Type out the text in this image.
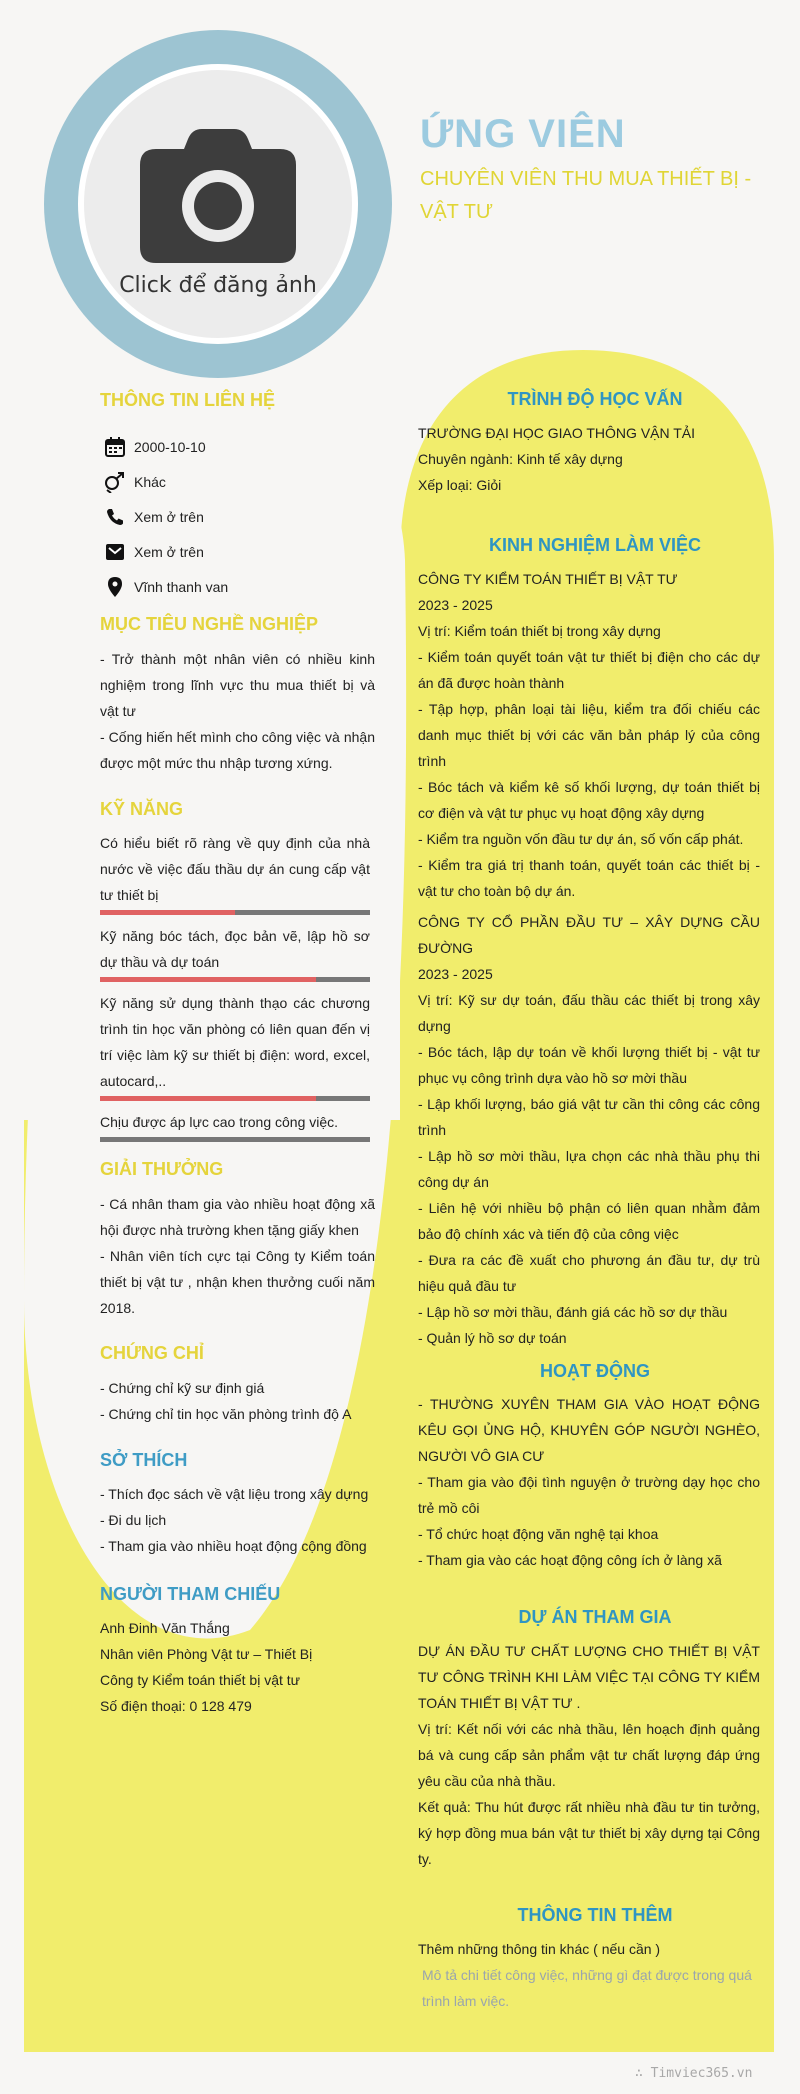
Click để đăng ảnh
ỨNG VIÊN
CHUYÊN VIÊN THU MUA THIẾT BỊ - VẬT TƯ
THÔNG TIN LIÊN HỆ
2000-10-10
Khác
Xem ở trên
Xem ở trên
Vĩnh thanh van
MỤC TIÊU NGHỀ NGHIỆP

- Trở thành một nhân viên có nhiều kinh nghiệm trong lĩnh vực thu mua thiết bị và vật tư

- Cống hiến hết mình cho công việc và nhận được một mức thu nhập tương xứng.

KỸ NĂNG

Có hiểu biết rõ ràng về quy định của nhà nước về việc đấu thầu dự án cung cấp vật tư thiết bị

Kỹ năng bóc tách, đọc bản vẽ, lập hồ sơ dự thầu và dự toán

Kỹ năng sử dụng thành thạo các chương trình tin học văn phòng có liên quan đến vị trí việc làm kỹ sư thiết bị điện: word, excel, autocard,..

Chịu được áp lực cao trong công việc.

GIẢI THƯỞNG

- Cá nhân tham gia vào nhiều hoạt động xã hội được nhà trường khen tặng giấy khen

- Nhân viên tích cực tại Công ty Kiểm toán thiết bị vật tư , nhận khen thưởng cuối năm 2018.

CHỨNG CHỈ

- Chứng chỉ kỹ sư định giá

- Chứng chỉ tin học văn phòng trình độ A

SỞ THÍCH

- Thích đọc sách về vật liệu trong xây dựng

- Đi du lịch

- Tham gia vào nhiều hoạt động cộng đồng

NGƯỜI THAM CHIẾU

Anh Đinh Văn Thắng

Nhân viên Phòng Vật tư – Thiết Bị

Công ty Kiểm toán thiết bị vật tư

Số điện thoại: 0 128 479

TRÌNH ĐỘ HỌC VẤN

TRƯỜNG ĐẠI HỌC GIAO THÔNG VẬN TẢI

Chuyên ngành: Kinh tế xây dựng

Xếp loại: Giỏi

KINH NGHIỆM LÀM VIỆC

CÔNG TY KIỂM TOÁN THIẾT BỊ VẬT TƯ

2023 - 2025

Vị trí: Kiểm toán thiết bị trong xây dựng

- Kiểm toán quyết toán vật tư thiết bị điện cho các dự án đã được hoàn thành

- Tập hợp, phân loại tài liệu, kiểm tra đối chiếu các danh mục thiết bị với các văn bản pháp lý của công trình

- Bóc tách và kiểm kê số khối lượng, dự toán thiết bị cơ điện và vật tư phục vụ hoạt động xây dựng

- Kiểm tra nguồn vốn đầu tư dự án, số vốn cấp phát.

- Kiểm tra giá trị thanh toán, quyết toán các thiết bị - vật tư cho toàn bộ dự án.

CÔNG TY CỔ PHẦN ĐẦU TƯ – XÂY DỰNG CẦU ĐƯỜNG

2023 - 2025

Vị trí: Kỹ sư dự toán, đấu thầu các thiết bị trong xây dựng

- Bóc tách, lập dự toán về khối lượng thiết bị - vật tư phục vụ công trình dựa vào hồ sơ mời thầu

- Lập khối lượng, báo giá vật tư cần thi công các công trình

- Lập hồ sơ mời thầu, lựa chọn các nhà thầu phụ thi công dự án

- Liên hệ với nhiều bộ phận có liên quan nhằm đảm bảo độ chính xác và tiến độ của công việc

- Đưa ra các đề xuất cho phương án đầu tư, dự trù hiệu quả đầu tư

- Lập hồ sơ mời thầu, đánh giá các hồ sơ dự thầu

- Quản lý hồ sơ dự toán

HOẠT ĐỘNG

- THƯỜNG XUYÊN THAM GIA VÀO HOẠT ĐỘNG KÊU GỌI ỦNG HỘ, KHUYÊN GÓP NGƯỜI NGHÈO, NGƯỜI VÔ GIA CƯ

- Tham gia vào đội tình nguyện ở trường dạy học cho trẻ mồ côi

- Tổ chức hoạt động văn nghệ tại khoa

- Tham gia vào các hoạt động công ích ở làng xã

DỰ ÁN THAM GIA

DỰ ÁN ĐẦU TƯ CHẤT LƯỢNG CHO THIẾT BỊ VẬT TƯ CÔNG TRÌNH KHI LÀM VIỆC TẠI CÔNG TY KIỂM TOÁN THIẾT BỊ VẬT TƯ .

Vị trí: Kết nối với các nhà thầu, lên hoạch định quảng bá và cung cấp sản phẩm vật tư chất lượng đáp ứng yêu cầu của nhà thầu.

Kết quả: Thu hút được rất nhiều nhà đầu tư tin tưởng, ký hợp đồng mua bán vật tư thiết bị xây dựng tại Công ty.

THÔNG TIN THÊM

Thêm những thông tin khác ( nếu cần )

Mô tả chi tiết công việc, những gì đạt được trong quá trình làm việc.

∴ Timviec365.vn
